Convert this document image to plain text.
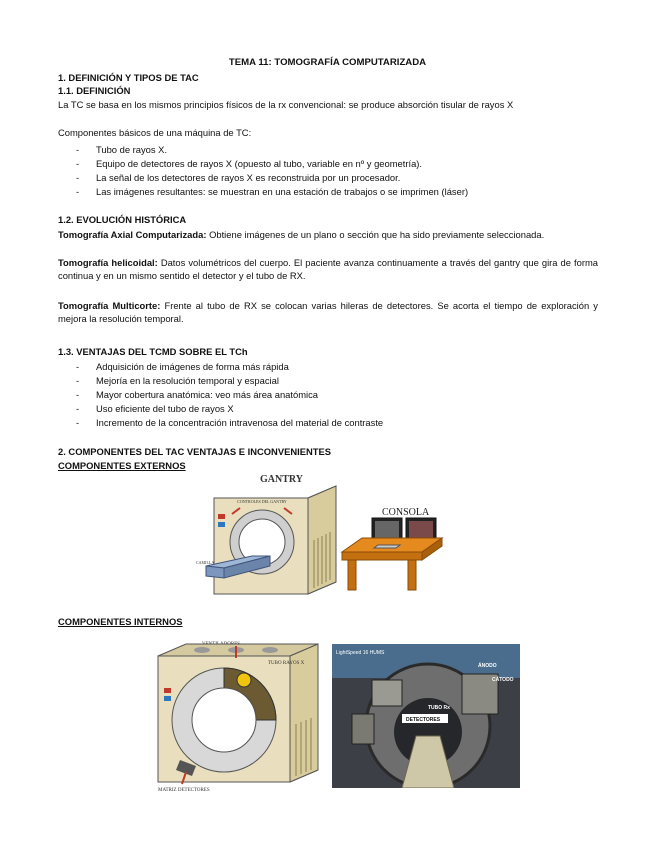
TEMA 11: TOMOGRAFÍA COMPUTARIZADA
1. DEFINICIÓN Y TIPOS DE TAC
1.1. DEFINICIÓN
La TC se basa en los mismos principios físicos de la rx convencional: se produce absorción tisular de rayos X
Componentes básicos de una máquina de TC:
- Tubo de rayos X.
- Equipo de detectores de rayos X (opuesto al tubo, variable en nº y geometría).
- La señal de los detectores de rayos X es reconstruida por un procesador.
- Las imágenes resultantes: se muestran en una estación de trabajos o se imprimen (láser)
1.2. EVOLUCIÓN HISTÓRICA
Tomografía Axial Computarizada: Obtiene imágenes de un plano o sección que ha sido previamente seleccionada.
Tomografía helicoidal: Datos volumétricos del cuerpo. El paciente avanza continuamente a través del gantry que gira de forma continua y en un mismo sentido el detector y el tubo de RX.
Tomografía Multicorte: Frente al tubo de RX se colocan varias hileras de detectores. Se acorta el tiempo de exploración y mejora la resolución temporal.
1.3. VENTAJAS DEL TCMD SOBRE EL TCh
- Adquisición de imágenes de forma más rápida
- Mejoría en la resolución temporal y espacial
- Mayor cobertura anatómica: veo más área anatómica
- Uso eficiente del tubo de rayos X
- Incremento de la concentración intravenosa del material de contraste
2. COMPONENTES DEL TAC VENTAJAS E INCONVENIENTES
COMPONENTES EXTERNOS
GANTRY
CONTROLES DEL GANTRY
CAMILLA
CONSOLA
COMPONENTES INTERNOS
TUBO RAYOS X
MATRIZ DETECTORES
LightSpeed 16 HUMS
ÁNODO
CÁTODO
TUBO Rx
DETECTORES
